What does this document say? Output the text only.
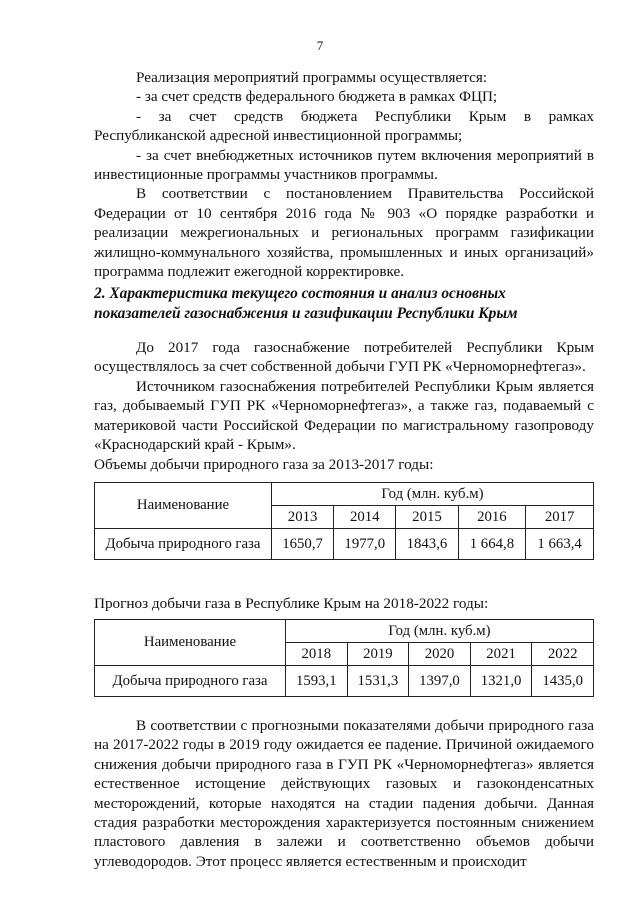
7

Реализация мероприятий программы осуществляется:

- за счет средств федерального бюджета в рамках ФЦП;

- за счет средств бюджета Республики Крым в рамках Республиканской адресной инвестиционной программы;

- за счет внебюджетных источников путем включения мероприятий в инвестиционные программы участников программы.

В соответствии с постановлением Правительства Российской Федерации от 10 сентября 2016 года № 903 «О порядке разработки и реализации межрегиональных и региональных программ газификации жилищно-коммунального хозяйства, промышленных и иных организаций» программа подлежит ежегодной корректировке.

2. Характеристика текущего состояния и анализ основных

показателей газоснабжения и газификации Республики Крым

До 2017 года газоснабжение потребителей Республики Крым осуществлялось за счет собственной добычи ГУП РК «Черноморнефтегаз».

Источником газоснабжения потребителей Республики Крым является газ, добываемый ГУП РК «Черноморнефтегаз», а также газ, подаваемый с материковой части Российской Федерации по магистральному газопроводу «Краснодарский край - Крым».

Объемы добычи природного газа за 2013-2017 годы:

Наименование	Год (млн. куб.м)				
	2013	2014	2015	2016	2017
Добыча природного газа	1650,7	1977,0	1843,6	1 664,8	1 663,4

Прогноз добычи газа в Республике Крым на 2018-2022 годы:

Наименование	Год (млн. куб.м)				
	2018	2019	2020	2021	2022
Добыча природного газа	1593,1	1531,3	1397,0	1321,0	1435,0

В соответствии с прогнозными показателями добычи природного газа на 2017-2022 годы в 2019 году ожидается ее падение. Причиной ожидаемого снижения добычи природного газа в ГУП РК «Черноморнефтегаз» является естественное истощение действующих газовых и газоконденсатных месторождений, которые находятся на стадии падения добычи. Данная стадия разработки месторождения характеризуется постоянным снижением пластового давления в залежи и соответственно объемов добычи углеводородов. Этот процесс является естественным и происходит
